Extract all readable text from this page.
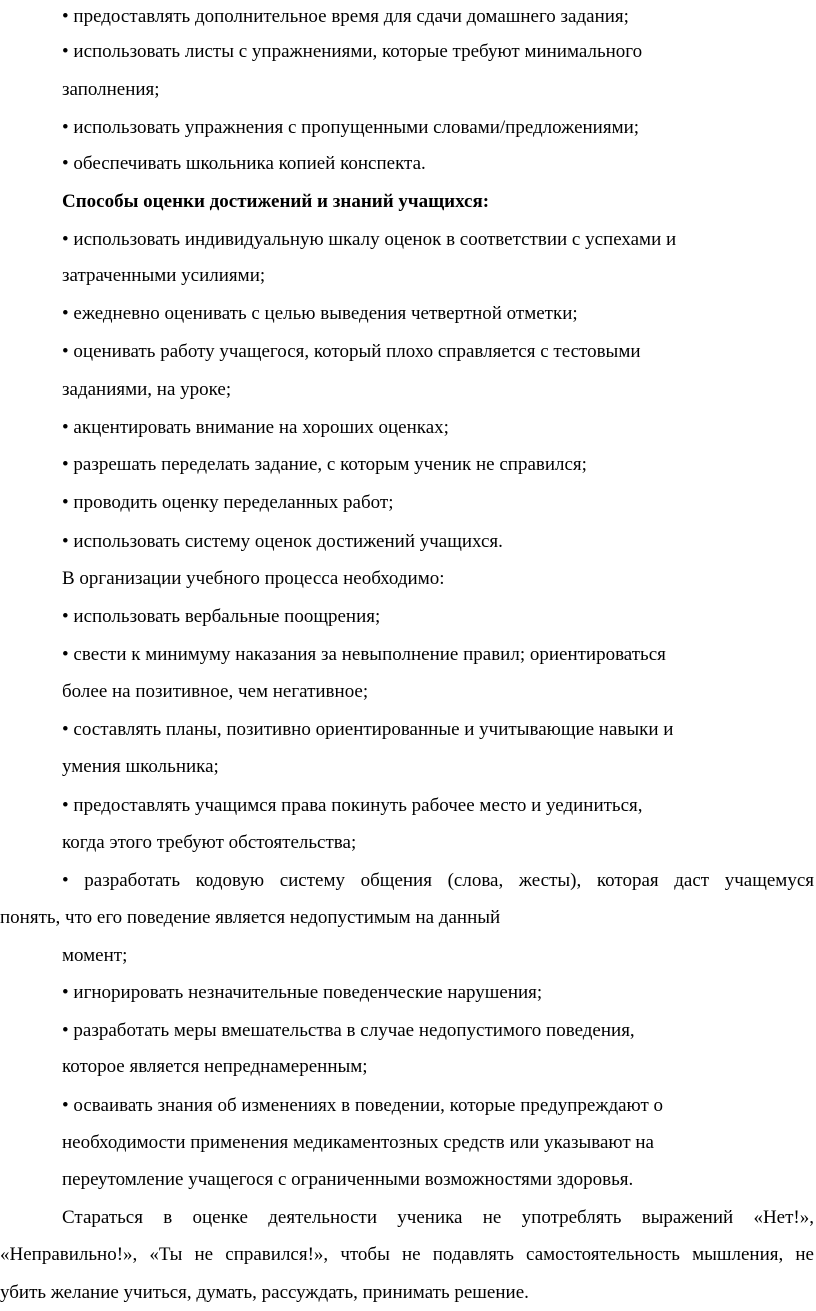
• предоставлять дополнительное время для сдачи домашнего задания;
• использовать листы с упражнениями, которые требуют минимального
заполнения;
• использовать упражнения с пропущенными словами/предложениями;
• обеспечивать школьника копией конспекта.
Способы оценки достижений и знаний учащихся:
• использовать индивидуальную шкалу оценок в соответствии с успехами и
затраченными усилиями;
• ежедневно оценивать с целью выведения четвертной отметки;
• оценивать работу учащегося, который плохо справляется с тестовыми
заданиями, на уроке;
• акцентировать внимание на хороших оценках;
• разрешать переделать задание, с которым ученик не справился;
• проводить оценку переделанных работ;
• использовать систему оценок достижений учащихся.
В организации учебного процесса необходимо:
• использовать вербальные поощрения;
• свести к минимуму наказания за невыполнение правил; ориентироваться
более на позитивное, чем негативное;
• составлять планы, позитивно ориентированные и учитывающие навыки и
умения школьника;
• предоставлять учащимся права покинуть рабочее место и уединиться,
когда этого требуют обстоятельства;
• разработать кодовую систему общения (слова, жесты), которая даст учащемуся
понять, что его поведение является недопустимым на данный
момент;
• игнорировать незначительные поведенческие нарушения;
• разработать меры вмешательства в случае недопустимого поведения,
которое является непреднамеренным;
• осваивать знания об изменениях в поведении, которые предупреждают о
необходимости применения медикаментозных средств или указывают на
переутомление учащегося с ограниченными возможностями здоровья.
Стараться в оценке деятельности ученика не употреблять выражений «Нет!»,
«Неправильно!», «Ты не справился!», чтобы не подавлять самостоятельность мышления, не
убить желание учиться, думать, рассуждать, принимать решение.
